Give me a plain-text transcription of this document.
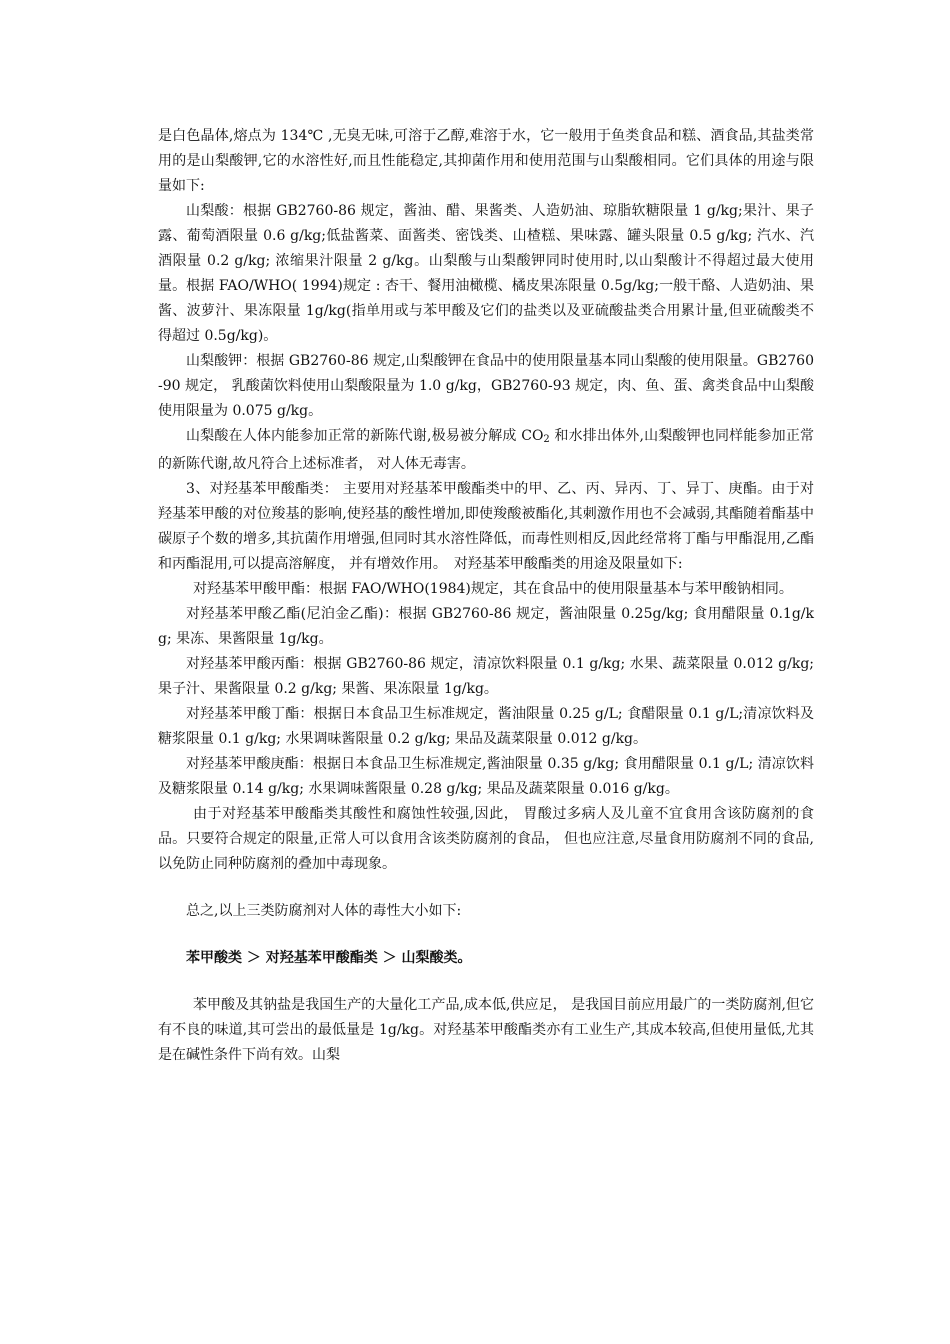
是白色晶体,熔点为 134℃ ,无臭无味,可溶于乙醇,难溶于水，它一般用于鱼类食品和糕、酒食品,其盐类常用的是山梨酸钾,它的水溶性好,而且性能稳定,其抑菌作用和使用范围与山梨酸相同。它们具体的用途与限量如下:

山梨酸：根据 GB2760-86 规定，酱油、醋、果酱类、人造奶油、琼脂软糖限量 1 g/kg;果汁、果子露、葡萄酒限量 0.6 g/kg;低盐酱菜、面酱类、密饯类、山楂糕、果味露、罐头限量 0.5 g/kg; 汽水、汽酒限量 0.2 g/kg; 浓缩果汁限量 2 g/kg。山梨酸与山梨酸钾同时使用时,以山梨酸计不得超过最大使用量。根据 FAO/WHO( 1994)规定 : 杏干、餐用油橄榄、橘皮果冻限量 0.5g/kg;一般干酪、人造奶油、果酱、波萝汁、果冻限量 1g/kg(指单用或与苯甲酸及它们的盐类以及亚硫酸盐类合用累计量,但亚硫酸类不得超过 0.5g/kg)。

山梨酸钾：根据 GB2760-86 规定,山梨酸钾在食品中的使用限量基本同山梨酸的使用限量。GB2760-90 规定， 乳酸菌饮料使用山梨酸限量为 1.0 g/kg，GB2760-93 规定，肉、鱼、蛋、禽类食品中山梨酸使用限量为 0.075 g/kg。

山梨酸在人体内能参加正常的新陈代谢,极易被分解成 $CO_2$ 和水排出体外,山梨酸钾也同样能参加正常的新陈代谢,故凡符合上述标准者， 对人体无毒害。

3、对羟基苯甲酸酯类： 主要用对羟基苯甲酸酯类中的甲、乙、丙、异丙、丁、异丁、庚酯。由于对羟基苯甲酸的对位羧基的影响,使羟基的酸性增加,即使羧酸被酯化,其刺激作用也不会减弱,其酯随着酯基中碳原子个数的增多,其抗菌作用增强,但同时其水溶性降低，而毒性则相反,因此经常将丁酯与甲酯混用,乙酯和丙酯混用,可以提高溶解度， 并有增效作用。　对羟基苯甲酸酯类的用途及限量如下:

对羟基苯甲酸甲酯：根据 FAO/WHO(1984)规定，其在食品中的使用限量基本与苯甲酸钠相同。

对羟基苯甲酸乙酯(尼泊金乙酯)：根据 GB2760-86 规定，酱油限量 0.25g/kg; 食用醋限量 0.1g/kg; 果冻、果酱限量 1g/kg。

对羟基苯甲酸丙酯：根据 GB2760-86 规定，清凉饮料限量 0.1 g/kg; 水果、蔬菜限量 0.012 g/kg; 果子汁、果酱限量 0.2 g/kg; 果酱、果冻限量 1g/kg。

对羟基苯甲酸丁酯：根据日本食品卫生标准规定，酱油限量 0.25 g/L; 食醋限量 0.1 g/L;清凉饮料及糖浆限量 0.1 g/kg; 水果调味酱限量 0.2 g/kg; 果品及蔬菜限量 0.012 g/kg。

对羟基苯甲酸庚酯：根据日本食品卫生标准规定,酱油限量 0.35 g/kg; 食用醋限量 0.1 g/L; 清凉饮料及糖浆限量 0.14 g/kg; 水果调味酱限量 0.28 g/kg; 果品及蔬菜限量 0.016 g/kg。

由于对羟基苯甲酸酯类其酸性和腐蚀性较强,因此， 胃酸过多病人及儿童不宜食用含该防腐剂的食品。只要符合规定的限量,正常人可以食用含该类防腐剂的食品， 但也应注意,尽量食用防腐剂不同的食品,以免防止同种防腐剂的叠加中毒现象。

总之,以上三类防腐剂对人体的毒性大小如下:

苯甲酸类 ＞ 对羟基苯甲酸酯类 ＞ 山梨酸类。

苯甲酸及其钠盐是我国生产的大量化工产品,成本低,供应足， 是我国目前应用最广的一类防腐剂,但它有不良的味道,其可尝出的最低量是 1g/kg。对羟基苯甲酸酯类亦有工业生产,其成本较高,但使用量低,尤其是在碱性条件下尚有效。山梨
